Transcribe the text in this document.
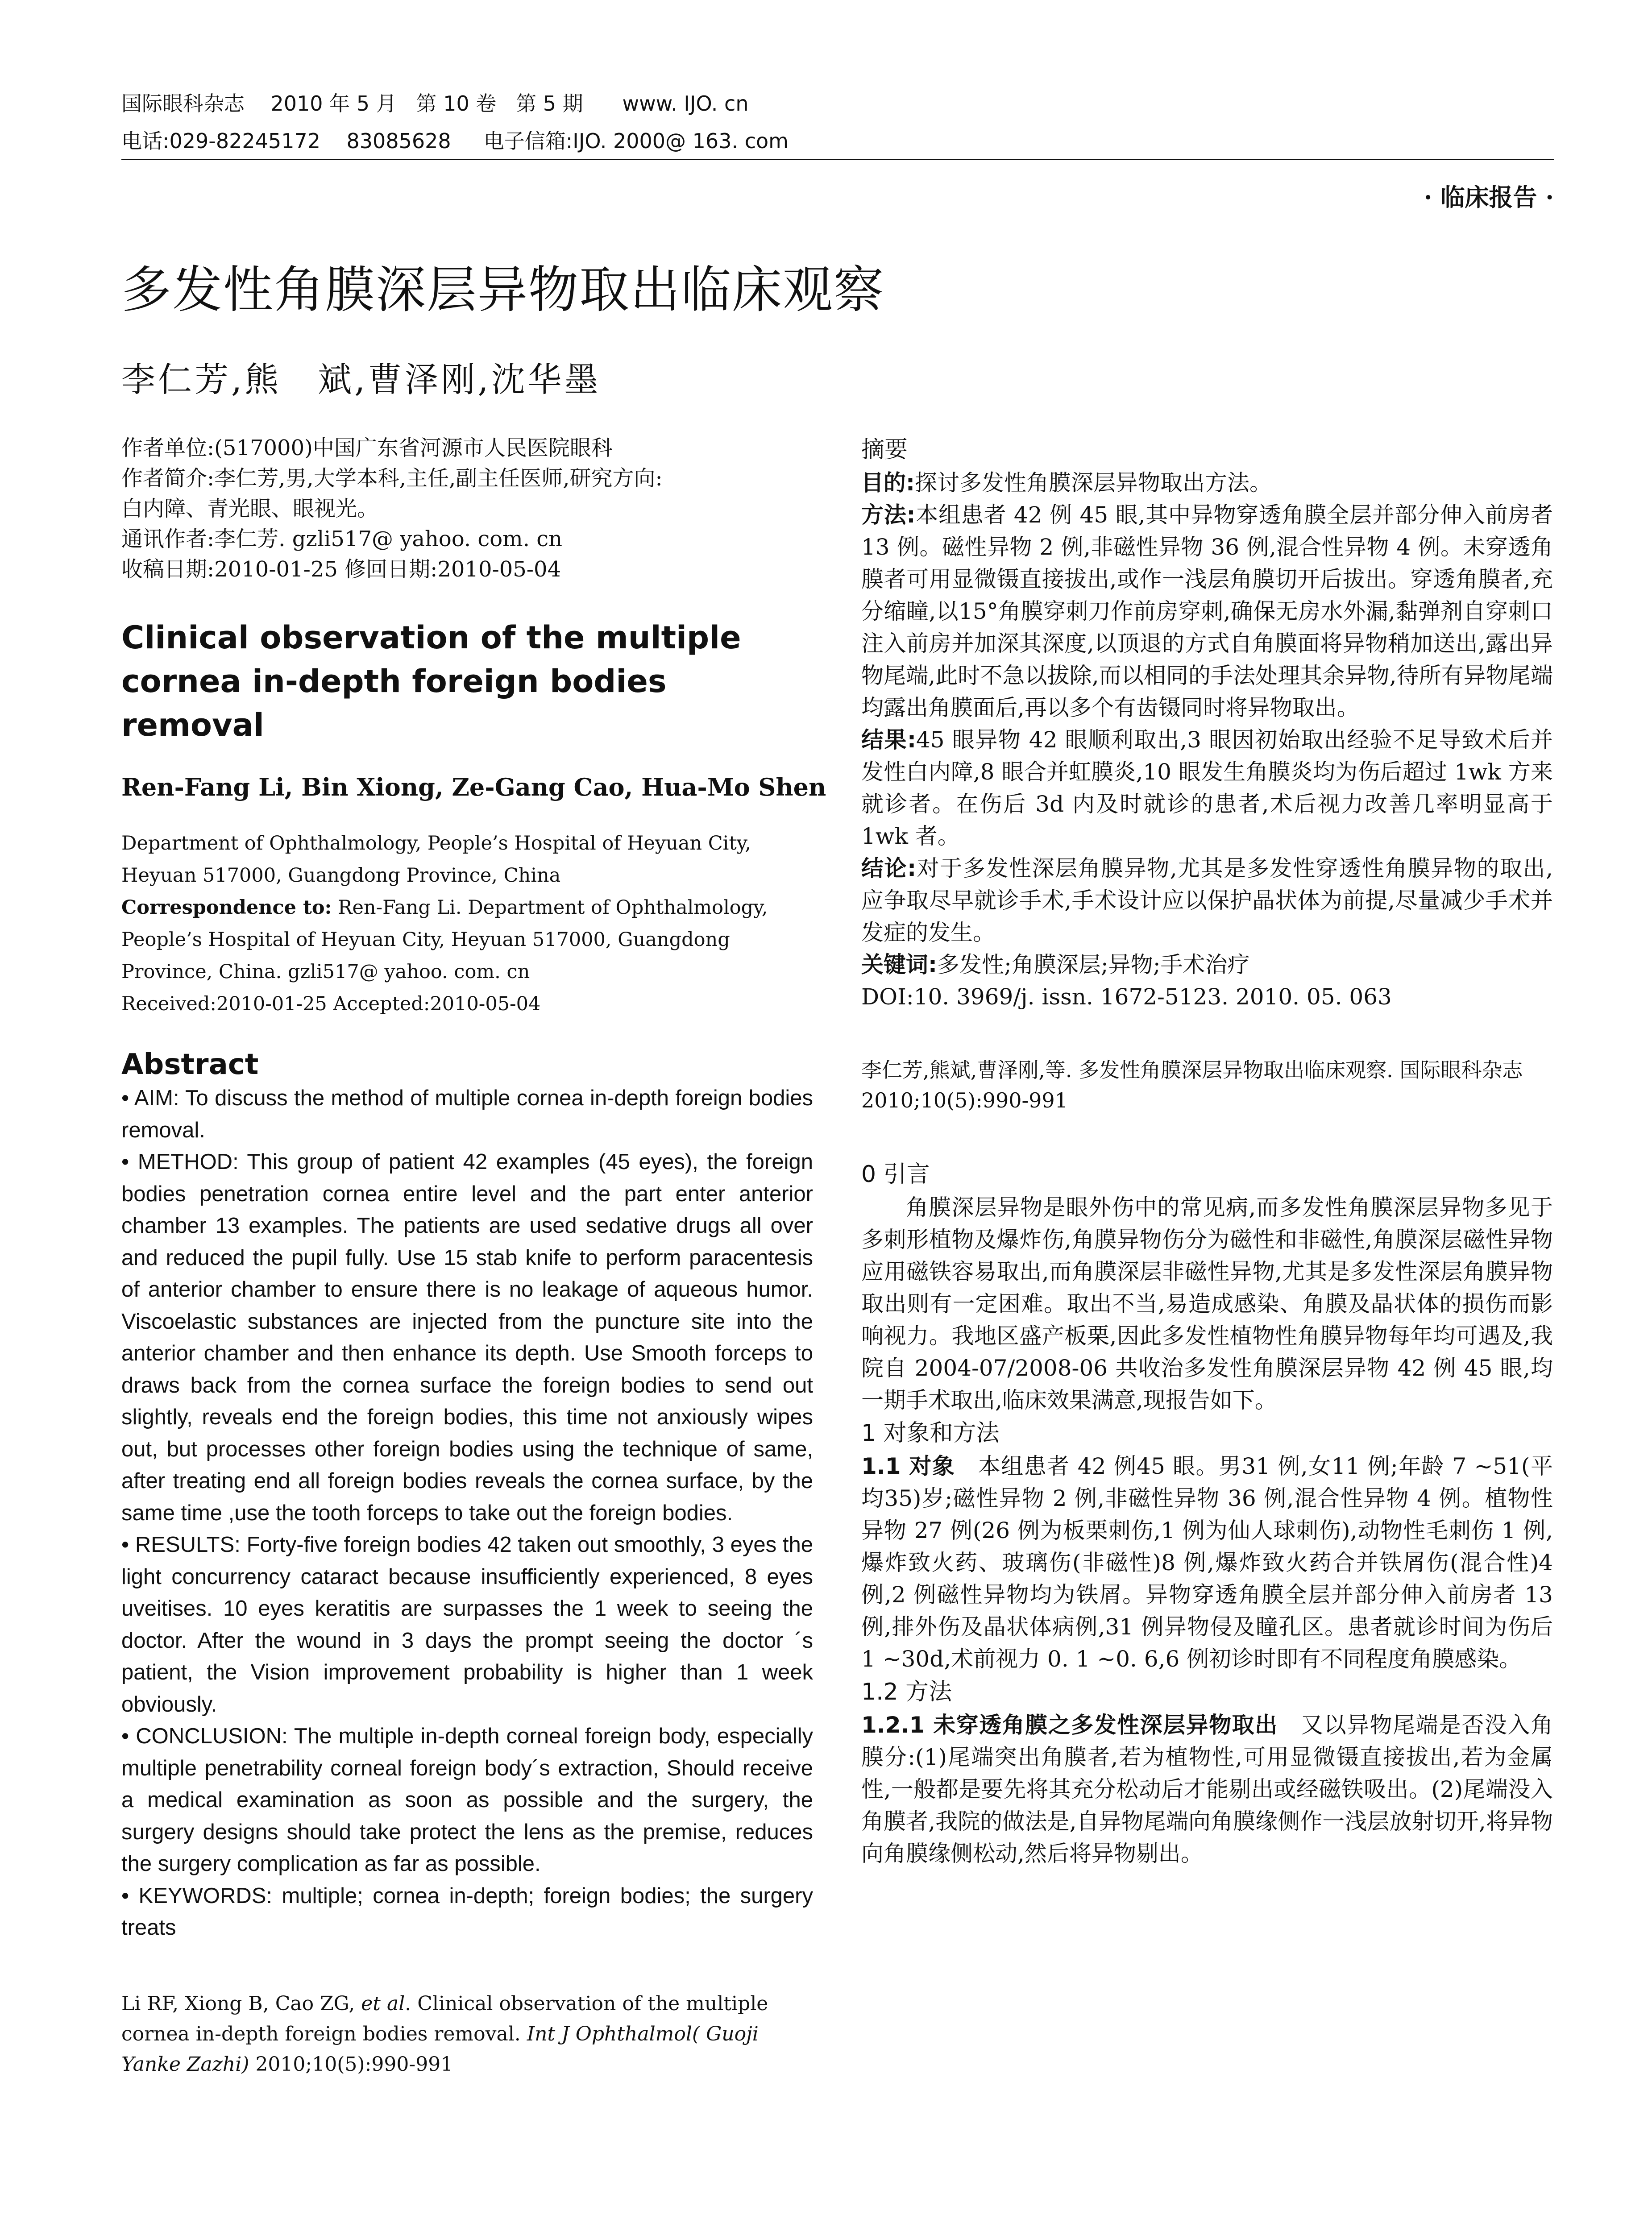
国际眼科杂志    2010 年 5 月   第 10 卷   第 5 期      www. IJO. cn
电话:029-82245172    83085628     电子信箱:IJO. 2000@ 163. com
· 临床报告 ·
多发性角膜深层异物取出临床观察
李仁芳,熊　斌,曹泽刚,沈华墨
作者单位:(517000)中国广东省河源市人民医院眼科
作者简介:李仁芳,男,大学本科,主任,副主任医师,研究方向:
白内障、青光眼、眼视光。
通讯作者:李仁芳. gzli517@ yahoo. com. cn
收稿日期:2010-01-25 修回日期:2010-05-04
Clinical observation of the multiple cornea in-depth foreign bodies removal
Ren-Fang Li, Bin Xiong, Ze-Gang Cao, Hua-Mo Shen
Department of Ophthalmology, People’s Hospital of Heyuan City, Heyuan 517000, Guangdong Province, China
Correspondence to: Ren-Fang Li. Department of Ophthalmology, People’s Hospital of Heyuan City, Heyuan 517000, Guangdong Province, China. gzli517@ yahoo. com. cn
Received:2010-01-25 Accepted:2010-05-04
Abstract

• AIM: To discuss the method of multiple cornea in-depth foreign bodies removal.

• METHOD: This group of patient 42 examples (45 eyes), the foreign bodies penetration cornea entire level and the part enter anterior chamber 13 examples. The patients are used sedative drugs all over and reduced the pupil fully. Use 15 stab knife to perform paracentesis of anterior chamber to ensure there is no leakage of aqueous humor. Viscoelastic substances are injected from the puncture site into the anterior chamber and then enhance its depth. Use Smooth forceps to draws back from the cornea surface the foreign bodies to send out slightly, reveals end the foreign bodies, this time not anxiously wipes out, but processes other foreign bodies using the technique of same, after treating end all foreign bodies reveals the cornea surface, by the same time ,use the tooth forceps to take out the foreign bodies.

• RESULTS: Forty-five foreign bodies 42 taken out smoothly, 3 eyes the light concurrency cataract because insufficiently experienced, 8 eyes uveitises. 10 eyes keratitis are surpasses the 1 week to seeing the doctor. After the wound in 3 days the prompt seeing the doctor ´s patient, the Vision improvement probability is higher than 1 week obviously.

• CONCLUSION: The multiple in-depth corneal foreign body, especially multiple penetrability corneal foreign body´s extraction, Should receive a medical examination as soon as possible and the surgery, the surgery designs should take protect the lens as the premise, reduces the surgery complication as far as possible.

• KEYWORDS: multiple; cornea in-depth; foreign bodies; the surgery treats

Li RF, Xiong B, Cao ZG, et al. Clinical observation of the multiple cornea in-depth foreign bodies removal. Int J Ophthalmol( Guoji Yanke Zazhi) 2010;10(5):990-991

摘要

目的:探讨多发性角膜深层异物取出方法。

方法:本组患者 42 例 45 眼,其中异物穿透角膜全层并部分伸入前房者 13 例。磁性异物 2 例,非磁性异物 36 例,混合性异物 4 例。未穿透角膜者可用显微镊直接拔出,或作一浅层角膜切开后拔出。穿透角膜者,充分缩瞳,以15°角膜穿刺刀作前房穿刺,确保无房水外漏,黏弹剂自穿刺口注入前房并加深其深度,以顶退的方式自角膜面将异物稍加送出,露出异物尾端,此时不急以拔除,而以相同的手法处理其余异物,待所有异物尾端均露出角膜面后,再以多个有齿镊同时将异物取出。

结果:45 眼异物 42 眼顺利取出,3 眼因初始取出经验不足导致术后并发性白内障,8 眼合并虹膜炎,10 眼发生角膜炎均为伤后超过 1wk 方来就诊者。在伤后 3d 内及时就诊的患者,术后视力改善几率明显高于 1wk 者。

结论:对于多发性深层角膜异物,尤其是多发性穿透性角膜异物的取出,应争取尽早就诊手术,手术设计应以保护晶状体为前提,尽量减少手术并发症的发生。

关键词:多发性;角膜深层;异物;手术治疗

DOI:10. 3969/j. issn. 1672-5123. 2010. 05. 063

李仁芳,熊斌,曹泽刚,等. 多发性角膜深层异物取出临床观察. 国际眼科杂志 2010;10(5):990-991

0 引言

角膜深层异物是眼外伤中的常见病,而多发性角膜深层异物多见于多刺形植物及爆炸伤,角膜异物伤分为磁性和非磁性,角膜深层磁性异物应用磁铁容易取出,而角膜深层非磁性异物,尤其是多发性深层角膜异物取出则有一定困难。取出不当,易造成感染、角膜及晶状体的损伤而影响视力。我地区盛产板栗,因此多发性植物性角膜异物每年均可遇及,我院自 2004-07/2008-06 共收治多发性角膜深层异物 42 例 45 眼,均一期手术取出,临床效果满意,现报告如下。

1 对象和方法

1.1 对象　本组患者 42 例45 眼。男31 例,女11 例;年龄 7 ~51(平均35)岁;磁性异物 2 例,非磁性异物 36 例,混合性异物 4 例。植物性异物 27 例(26 例为板栗刺伤,1 例为仙人球刺伤),动物性毛刺伤 1 例,爆炸致火药、玻璃伤(非磁性)8 例,爆炸致火药合并铁屑伤(混合性)4 例,2 例磁性异物均为铁屑。异物穿透角膜全层并部分伸入前房者 13 例,排外伤及晶状体病例,31 例异物侵及瞳孔区。患者就诊时间为伤后 1 ~30d,术前视力 0. 1 ~0. 6,6 例初诊时即有不同程度角膜感染。

1.2 方法

1.2.1 未穿透角膜之多发性深层异物取出　又以异物尾端是否没入角膜分:(1)尾端突出角膜者,若为植物性,可用显微镊直接拔出,若为金属性,一般都是要先将其充分松动后才能剔出或经磁铁吸出。(2)尾端没入角膜者,我院的做法是,自异物尾端向角膜缘侧作一浅层放射切开,将异物向角膜缘侧松动,然后将异物剔出。
